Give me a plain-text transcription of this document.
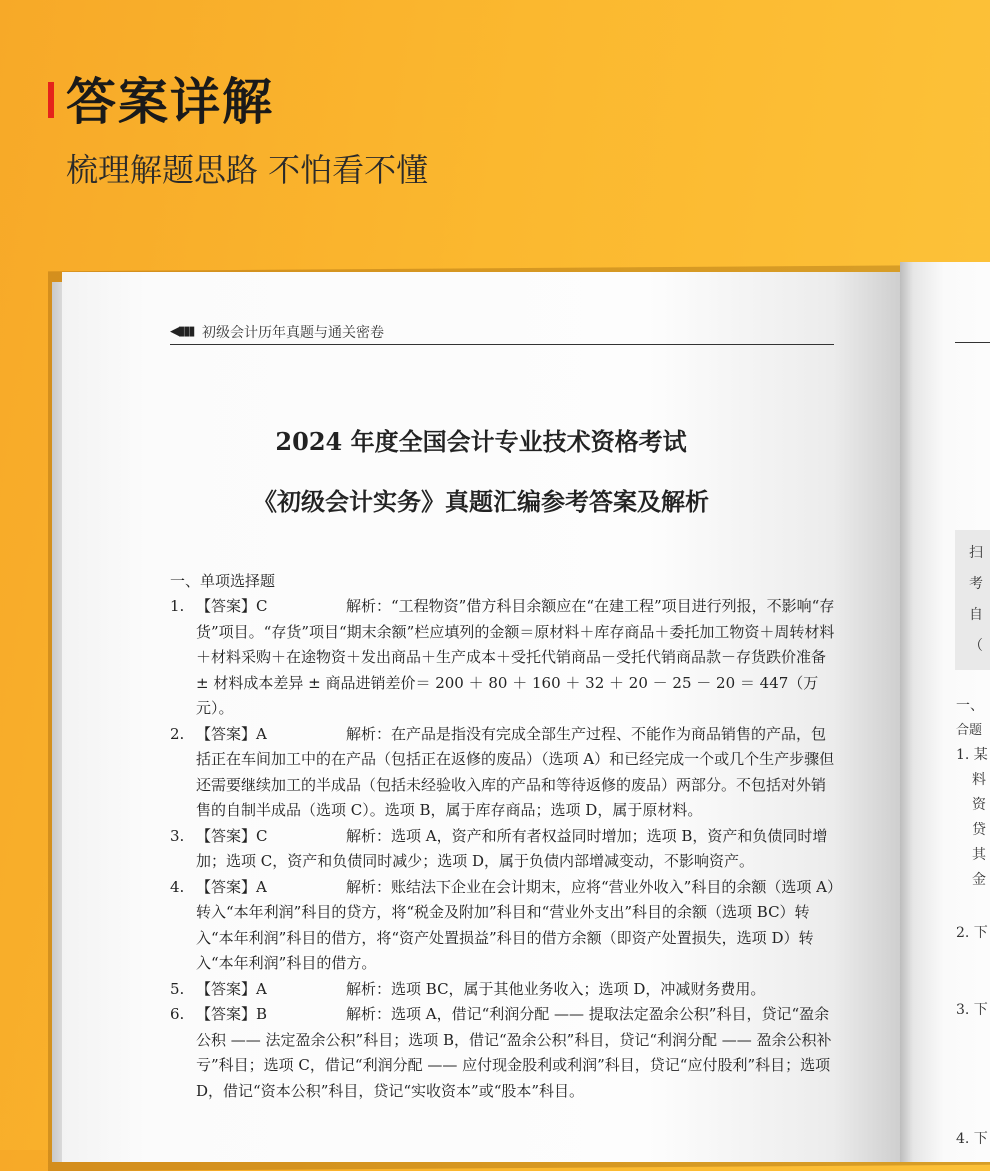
答案详解
梳理解题思路 不怕看不懂
◀▮▮▮ 初级会计历年真题与通关密卷
2024 年度全国会计专业技术资格考试
《初级会计实务》真题汇编参考答案及解析
一、单项选择题
1. 【答案】C	解析：“工程物资”借方科目余额应在“在建工程”项目进行列报，不影响“存货”项目。“存货”项目“期末余额”栏应填列的金额＝原材料＋库存商品＋委托加工物资＋周转材料＋材料采购＋在途物资＋发出商品＋生产成本＋受托代销商品－受托代销商品款－存货跌价准备 ± 材料成本差异 ± 商品进销差价＝ 200 ＋ 80 ＋ 160 ＋ 32 ＋ 20 － 25 － 20 ＝ 447（万元）。
2. 【答案】A	解析：在产品是指没有完成全部生产过程、不能作为商品销售的产品，包括正在车间加工中的在产品（包括正在返修的废品）（选项 A）和已经完成一个或几个生产步骤但还需要继续加工的半成品（包括未经验收入库的产品和等待返修的废品）两部分。不包括对外销售的自制半成品（选项 C）。选项 B，属于库存商品；选项 D，属于原材料。
3. 【答案】C	解析：选项 A，资产和所有者权益同时增加；选项 B，资产和负债同时增加；选项 C，资产和负债同时减少；选项 D，属于负债内部增减变动，不影响资产。
4. 【答案】A	解析：账结法下企业在会计期末，应将“营业外收入”科目的余额（选项 A）转入“本年利润”科目的贷方，将“税金及附加”科目和“营业外支出”科目的余额（选项 BC）转入“本年利润”科目的借方，将“资产处置损益”科目的借方余额（即资产处置损失，选项 D）转入“本年利润”科目的借方。
5. 【答案】A	解析：选项 BC，属于其他业务收入；选项 D，冲减财务费用。
6. 【答案】B	解析：选项 A，借记“利润分配 —— 提取法定盈余公积”科目，贷记“盈余公积 —— 法定盈余公积”科目；选项 B，借记“盈余公积”科目，贷记“利润分配 —— 盈余公积补亏”科目；选项 C，借记“利润分配 —— 应付现金股利或利润”科目，贷记“应付股利”科目；选项 D，借记“资本公积”科目，贷记“实收资本”或“股本”科目。
扫
考
自
（
一、
合题
1. 某
料
资
贷
其
金
2. 下
3. 下
4. 下
